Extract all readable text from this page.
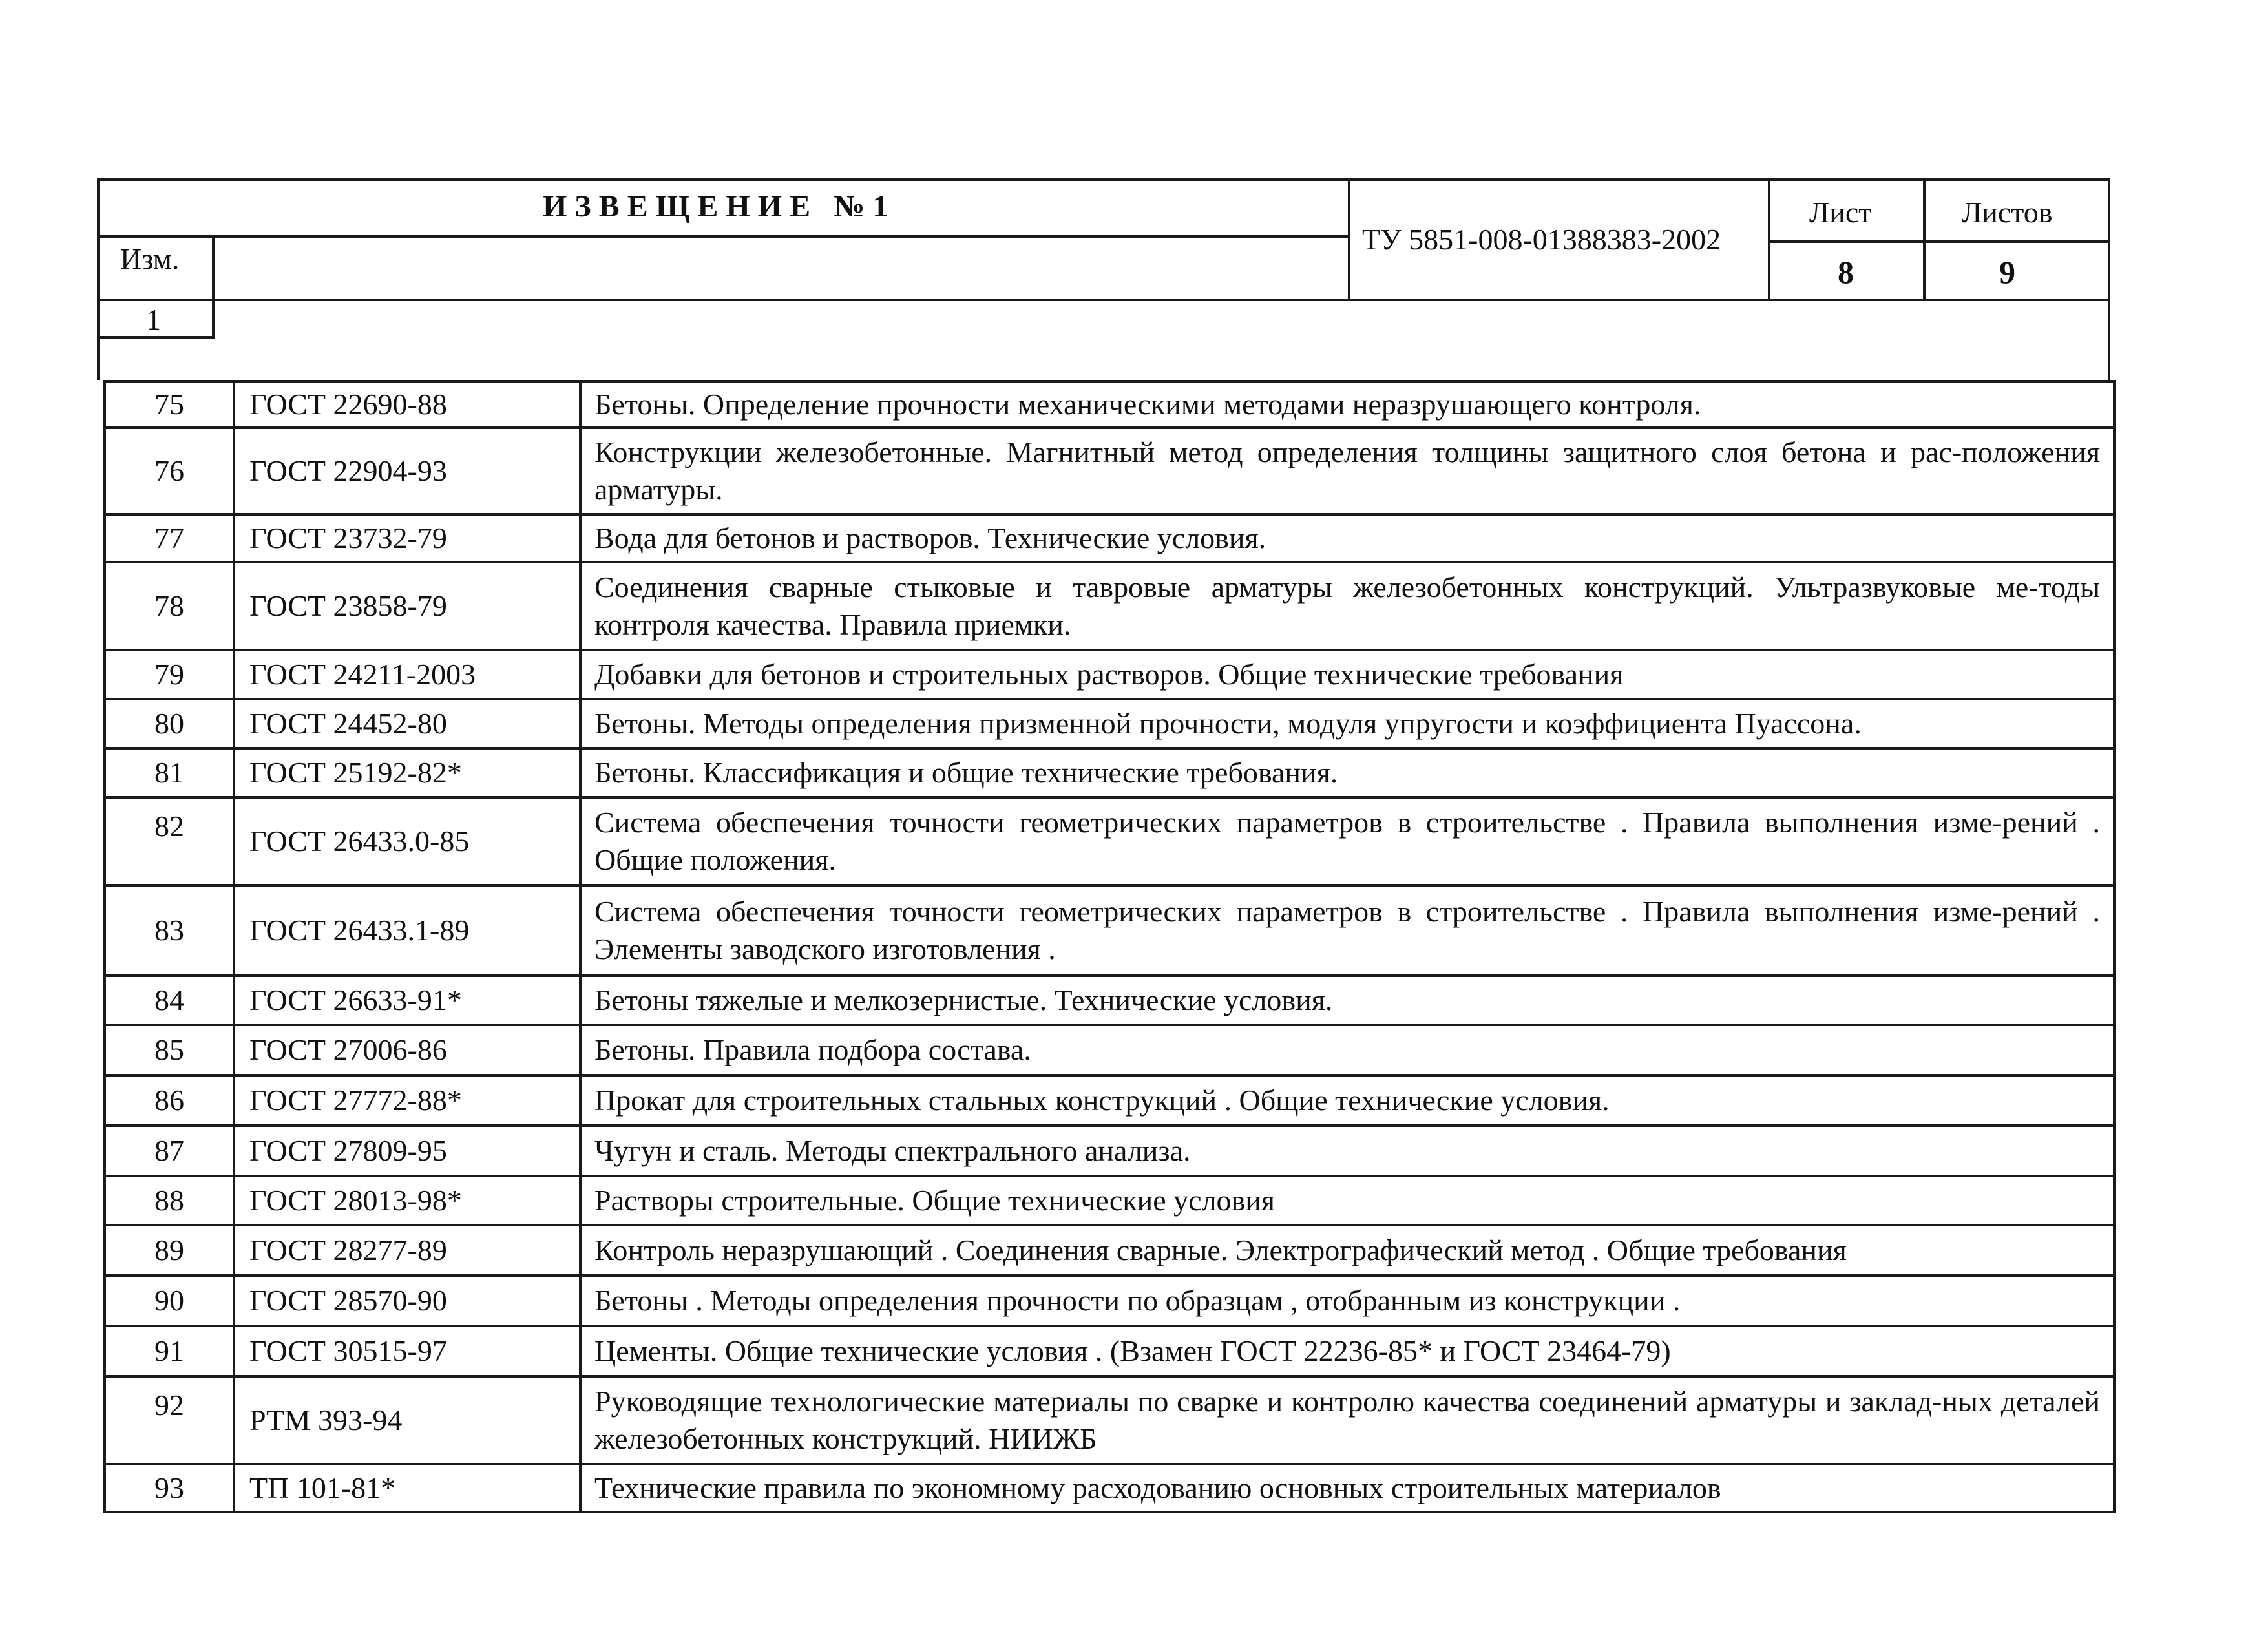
ИЗВЕЩЕНИЕ №1
ТУ 5851-008-01388383-2002
Лист	Листов
8	9
Изм.
1
75	ГОСТ 22690-88	Бетоны. Определение прочности механическими методами неразрушающего контроля.
76	ГОСТ 22904-93	Конструкции железобетонные. Магнитный метод определения толщины защитного слоя бетона и рас-положения арматуры.
77	ГОСТ 23732-79	Вода для бетонов и растворов. Технические условия.
78	ГОСТ 23858-79	Соединения сварные стыковые и тавровые арматуры железобетонных конструкций. Ультразвуковые ме-тоды контроля качества. Правила приемки.
79	ГОСТ 24211-2003	Добавки для бетонов и строительных растворов. Общие технические требования
80	ГОСТ 24452-80	Бетоны. Методы определения призменной прочности, модуля упругости и коэффициента Пуассона.
81	ГОСТ 25192-82*	Бетоны. Классификация и общие технические требования.
82	ГОСТ 26433.0-85	Система обеспечения точности геометрических параметров в строительстве . Правила выполнения изме-рений . Общие положения.
83	ГОСТ 26433.1-89	Система обеспечения точности геометрических параметров в строительстве . Правила выполнения изме-рений . Элементы заводского изготовления .
84	ГОСТ 26633-91*	Бетоны тяжелые и мелкозернистые. Технические условия.
85	ГОСТ 27006-86	Бетоны. Правила подбора состава.
86	ГОСТ 27772-88*	Прокат для строительных стальных конструкций . Общие технические условия.
87	ГОСТ 27809-95	Чугун и сталь. Методы спектрального анализа.
88	ГОСТ 28013-98*	Растворы строительные. Общие технические условия
89	ГОСТ 28277-89	Контроль неразрушающий . Соединения сварные. Электрографический метод . Общие требования
90	ГОСТ 28570-90	Бетоны . Методы определения прочности по образцам , отобранным из конструкции .
91	ГОСТ 30515-97	Цементы. Общие технические условия . (Взамен ГОСТ 22236-85* и ГОСТ 23464-79)
92	РТМ 393-94	Руководящие технологические материалы по сварке и контролю качества соединений арматуры и заклад-ных деталей железобетонных конструкций. НИИЖБ
93	ТП 101-81*	Технические правила по экономному расходованию основных строительных материалов
